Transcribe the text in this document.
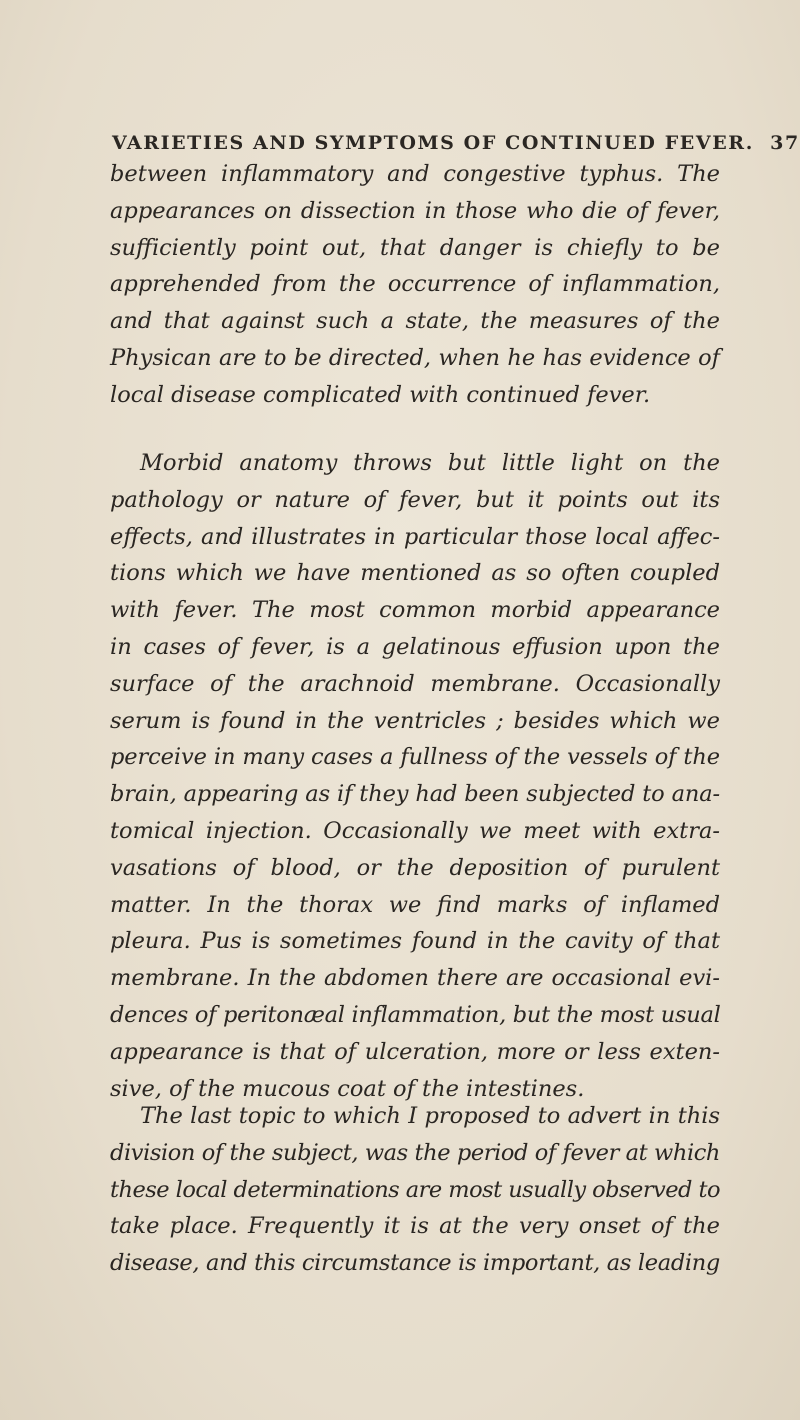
VARIETIES AND SYMPTOMS OF CONTINUED FEVER. 37
between inflammatory and congestive typhus. The
appearances on dissection in those who die of fever,
sufficiently point out, that danger is chiefly to be
apprehended from the occurrence of inflammation,
and that against such a state, the measures of the
Physican are to be directed, when he has evidence of
local disease complicated with continued fever.
Morbid anatomy throws but little light on the
pathology or nature of fever, but it points out its
effects, and illustrates in particular those local affec-
tions which we have mentioned as so often coupled
with fever. The most common morbid appearance
in cases of fever, is a gelatinous effusion upon the
surface of the arachnoid membrane. Occasionally
serum is found in the ventricles ; besides which we
perceive in many cases a fullness of the vessels of the
brain, appearing as if they had been subjected to ana-
tomical injection. Occasionally we meet with extra-
vasations of blood, or the deposition of purulent
matter. In the thorax we find marks of inflamed
pleura. Pus is sometimes found in the cavity of that
membrane. In the abdomen there are occasional evi-
dences of peritonæal inflammation, but the most usual
appearance is that of ulceration, more or less exten-
sive, of the mucous coat of the intestines.
The last topic to which I proposed to advert in this
division of the subject, was the period of fever at which
these local determinations are most usually observed to
take place. Frequently it is at the very onset of the
disease, and this circumstance is important, as leading
